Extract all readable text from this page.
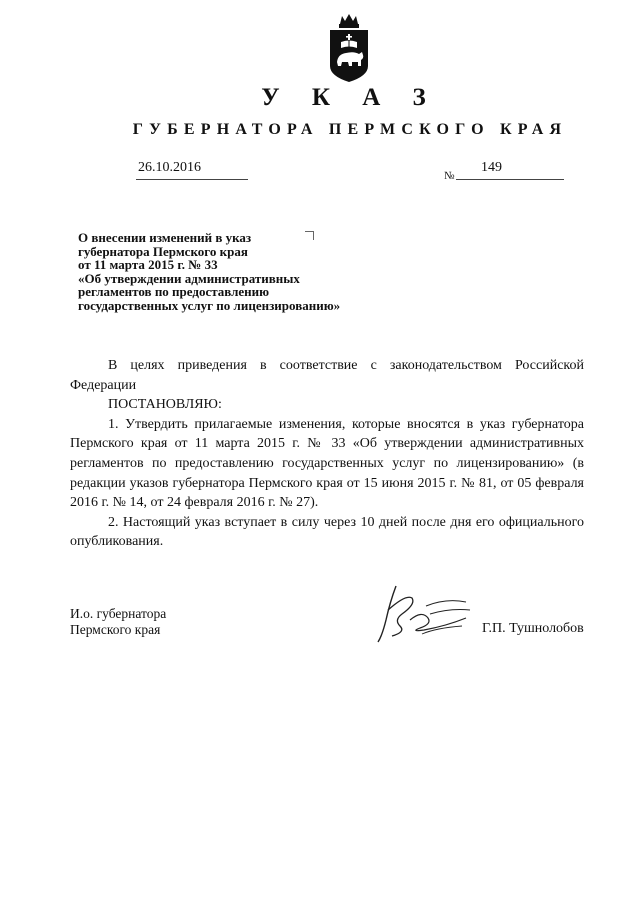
У К А З
ГУБЕРНАТОРА ПЕРМСКОГО КРАЯ
26.10.2016
№
149
О внесении изменений в указ
губернатора Пермского края
от 11 марта 2015 г. № 33
«Об утверждении административных
регламентов по предоставлению
государственных услуг по лицензированию»

В целях приведения в соответствие с законодательством Российской Федерации

ПОСТАНОВЛЯЮ:

1. Утвердить прилагаемые изменения, которые вносятся в указ губернатора Пермского края от 11 марта 2015 г. № 33 «Об утверждении административных регламентов по предоставлению государственных услуг по лицензированию» (в редакции указов губернатора Пермского края от 15 июня 2015 г. № 81, от 05 февраля 2016 г. № 14, от 24 февраля 2016 г. № 27).

2. Настоящий указ вступает в силу через 10 дней после дня его официального опубликования.

И.о. губернатора
Пермского края	Г.П. Тушнолобов
